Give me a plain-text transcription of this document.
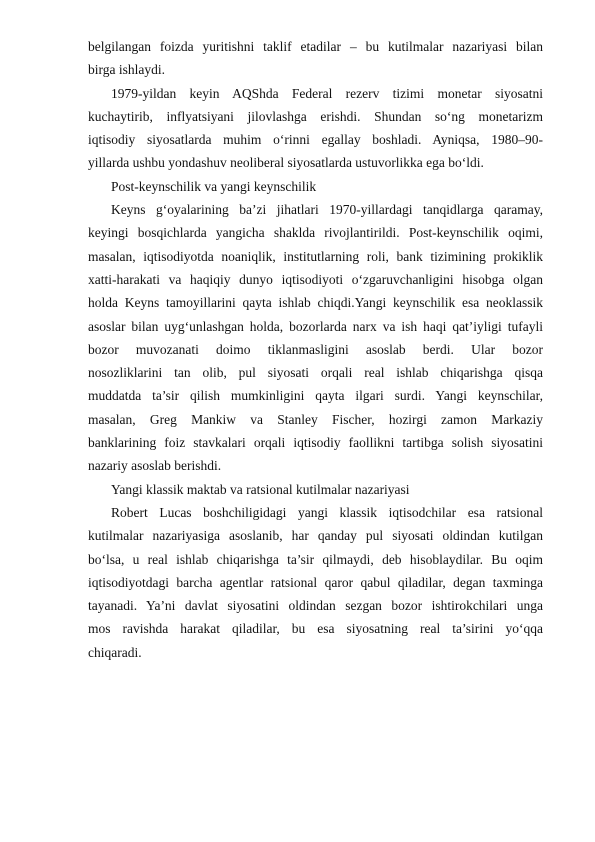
belgilangan foizda yuritishni taklif etadilar – bu kutilmalar nazariyasi bilan
birga ishlaydi.
1979-yildan keyin AQShda Federal rezerv tizimi monetar siyosatni
kuchaytirib, inflyatsiyani jilovlashga erishdi. Shundan so‘ng monetarizm
iqtisodiy siyosatlarda muhim o‘rinni egallay boshladi. Ayniqsa, 1980–90-
yillarda ushbu yondashuv neoliberal siyosatlarda ustuvorlikka ega bo‘ldi.
Post-keynschilik va yangi keynschilik
Keyns g‘oyalarining ba’zi jihatlari 1970-yillardagi tanqidlarga qaramay,
keyingi bosqichlarda yangicha shaklda rivojlantirildi. Post-keynschilik oqimi,
masalan, iqtisodiyotda noaniqlik, institutlarning roli, bank tizimining prokiklik
xatti-harakati va haqiqiy dunyo iqtisodiyoti o‘zgaruvchanligini hisobga olgan
holda Keyns tamoyillarini qayta ishlab chiqdi.Yangi keynschilik esa neoklassik
asoslar bilan uyg‘unlashgan holda, bozorlarda narx va ish haqi qat’iyligi tufayli
bozor muvozanati doimo tiklanmasligini asoslab berdi. Ular bozor
nosozliklarini tan olib, pul siyosati orqali real ishlab chiqarishga qisqa
muddatda ta’sir qilish mumkinligini qayta ilgari surdi. Yangi keynschilar,
masalan, Greg Mankiw va Stanley Fischer, hozirgi zamon Markaziy
banklarining foiz stavkalari orqali iqtisodiy faollikni tartibga solish siyosatini
nazariy asoslab berishdi.
Yangi klassik maktab va ratsional kutilmalar nazariyasi
Robert Lucas boshchiligidagi yangi klassik iqtisodchilar esa ratsional
kutilmalar nazariyasiga asoslanib, har qanday pul siyosati oldindan kutilgan
bo‘lsa, u real ishlab chiqarishga ta’sir qilmaydi, deb hisoblaydilar. Bu oqim
iqtisodiyotdagi barcha agentlar ratsional qaror qabul qiladilar, degan taxminga
tayanadi. Ya’ni davlat siyosatini oldindan sezgan bozor ishtirokchilari unga
mos ravishda harakat qiladilar, bu esa siyosatning real ta’sirini yo‘qqa
chiqaradi.
